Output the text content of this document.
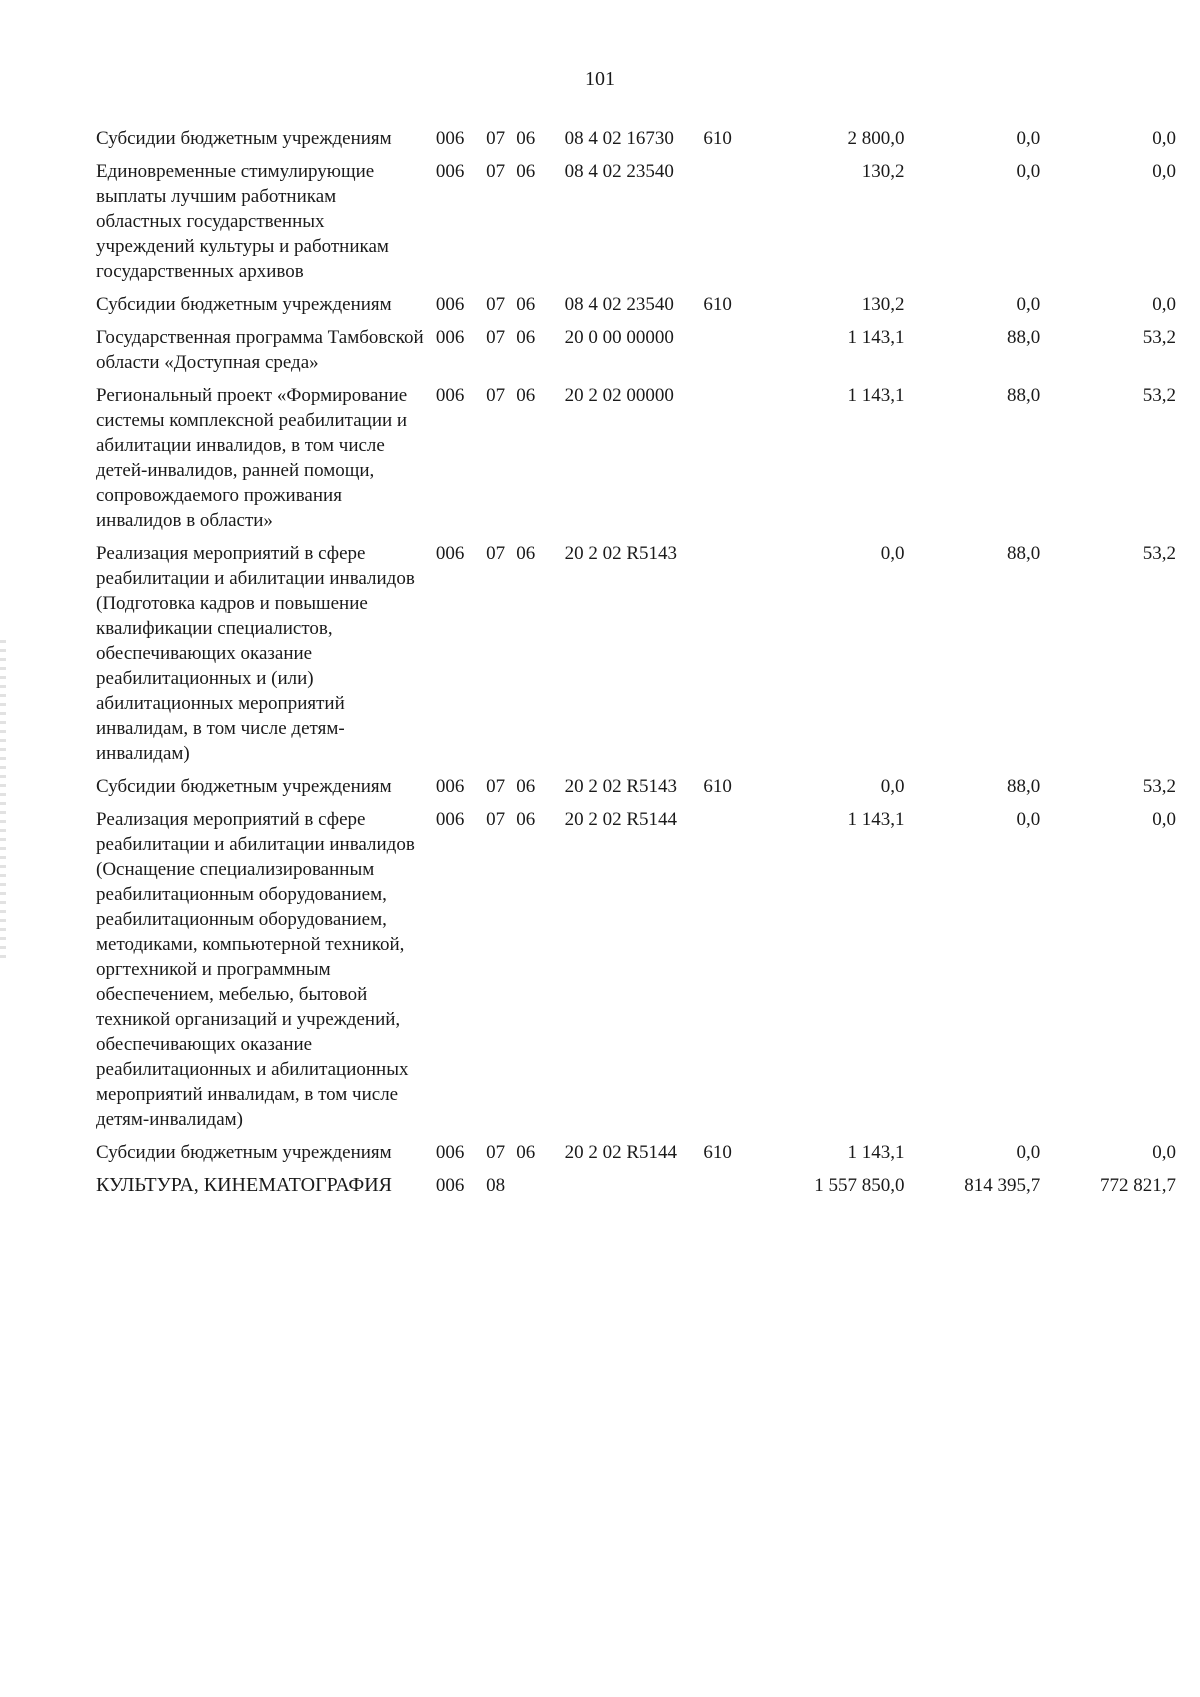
101
Субсидии бюджетным учреждениям	006	07	06	08 4 02 16730	610	2 800,0	0,0	0,0
Единовременные стимулирующие выплаты лучшим работникам областных государственных учреждений культуры и работникам государственных архивов	006	07	06	08 4 02 23540		130,2	0,0	0,0
Субсидии бюджетным учреждениям	006	07	06	08 4 02 23540	610	130,2	0,0	0,0
Государственная программа Тамбовской области «Доступная среда»	006	07	06	20 0 00 00000		1 143,1	88,0	53,2
Региональный проект «Формирование системы комплексной реабилитации и абилитации инвалидов, в том числе детей-инвалидов, ранней помощи, сопровождаемого проживания инвалидов в области»	006	07	06	20 2 02 00000		1 143,1	88,0	53,2
Реализация мероприятий в сфере реабилитации и абилитации инвалидов (Подготовка кадров и повышение квалификации специалистов, обеспечивающих оказание реабилитационных и (или) абилитационных мероприятий инвалидам, в том числе детям-инвалидам)	006	07	06	20 2 02 R5143		0,0	88,0	53,2
Субсидии бюджетным учреждениям	006	07	06	20 2 02 R5143	610	0,0	88,0	53,2
Реализация мероприятий в сфере реабилитации и абилитации инвалидов (Оснащение специализированным реабилитационным оборудованием, реабилитационным оборудованием, методиками, компьютерной техникой, оргтехникой и программным обеспечением, мебелью, бытовой техникой организаций и учреждений, обеспечивающих оказание реабилитационных и абилитационных мероприятий инвалидам, в том числе детям-инвалидам)	006	07	06	20 2 02 R5144		1 143,1	0,0	0,0
Субсидии бюджетным учреждениям	006	07	06	20 2 02 R5144	610	1 143,1	0,0	0,0
КУЛЬТУРА, КИНЕМАТОГРАФИЯ	006	08				1 557 850,0	814 395,7	772 821,7
